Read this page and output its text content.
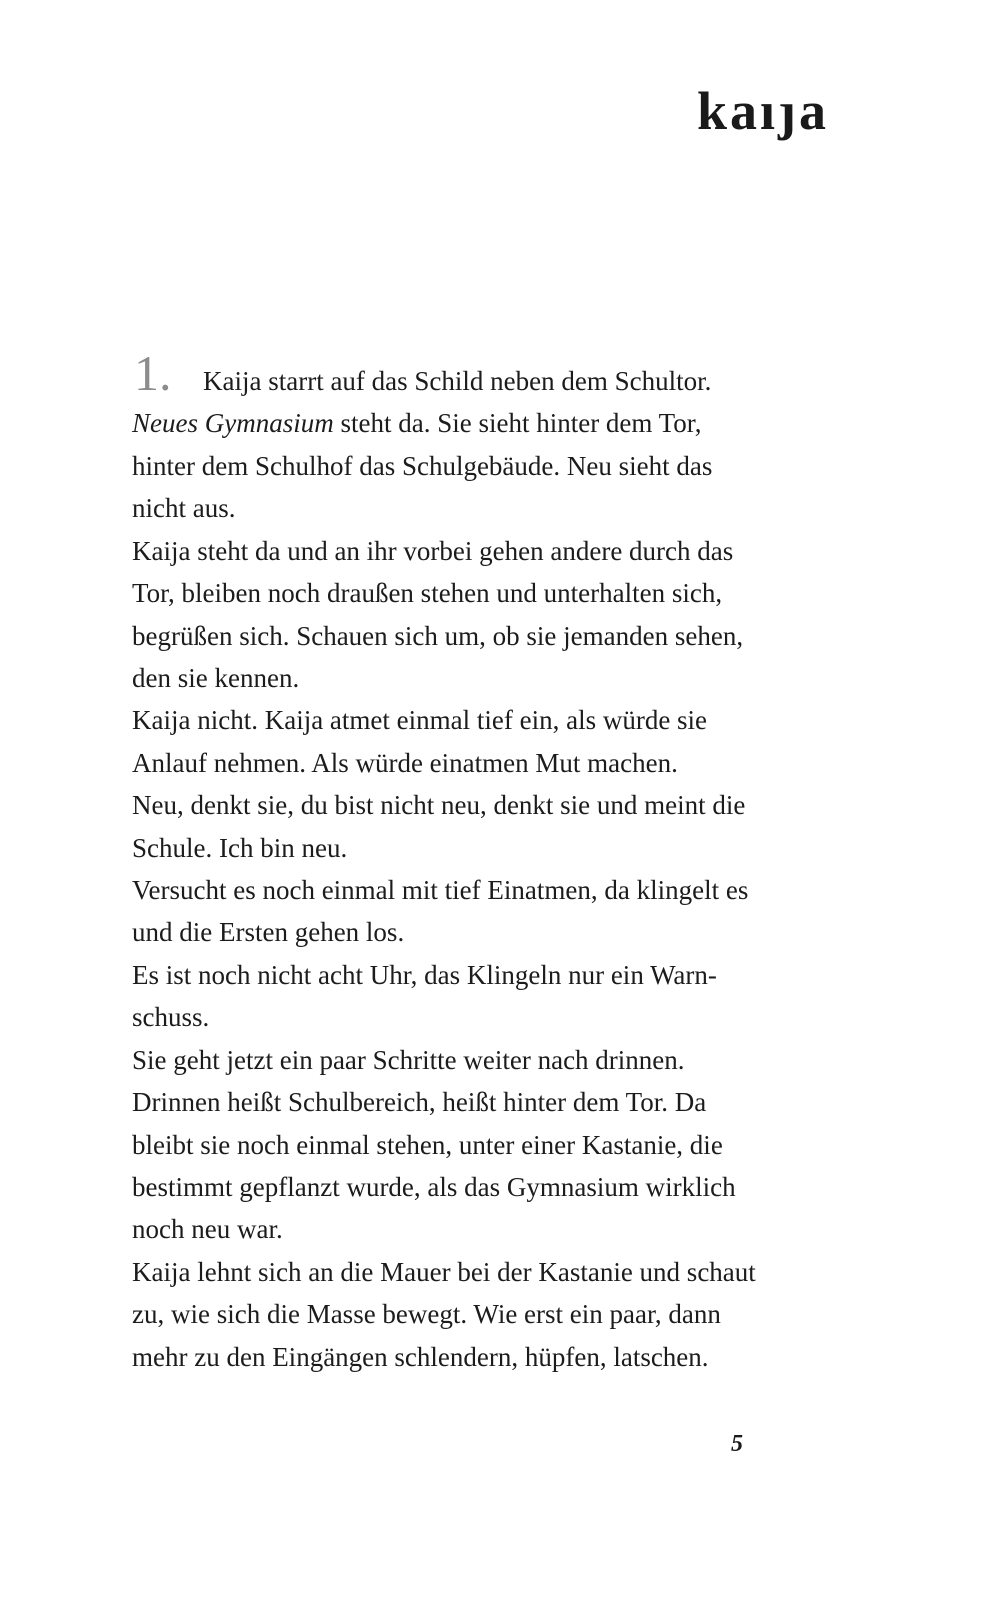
kaıȷa
1.	Kaija starrt auf das Schild neben dem Schultor.
Neues Gymnasium steht da. Sie sieht hinter dem Tor,
hinter dem Schulhof das Schulgebäude. Neu sieht das
nicht aus.
Kaija steht da und an ihr vorbei gehen andere durch das
Tor, bleiben noch draußen stehen und unterhalten sich,
begrüßen sich. Schauen sich um, ob sie jemanden sehen,
den sie kennen.
Kaija nicht. Kaija atmet einmal tief ein, als würde sie
Anlauf nehmen. Als würde einatmen Mut machen.
Neu, denkt sie, du bist nicht neu, denkt sie und meint die
Schule. Ich bin neu.
Versucht es noch einmal mit tief Einatmen, da klingelt es
und die Ersten gehen los.
Es ist noch nicht acht Uhr, das Klingeln nur ein Warn-
schuss.
Sie geht jetzt ein paar Schritte weiter nach drinnen.
Drinnen heißt Schulbereich, heißt hinter dem Tor. Da
bleibt sie noch einmal stehen, unter einer Kastanie, die
bestimmt gepflanzt wurde, als das Gymnasium wirklich
noch neu war.
Kaija lehnt sich an die Mauer bei der Kastanie und schaut
zu, wie sich die Masse bewegt. Wie erst ein paar, dann
mehr zu den Eingängen schlendern, hüpfen, latschen.
5
